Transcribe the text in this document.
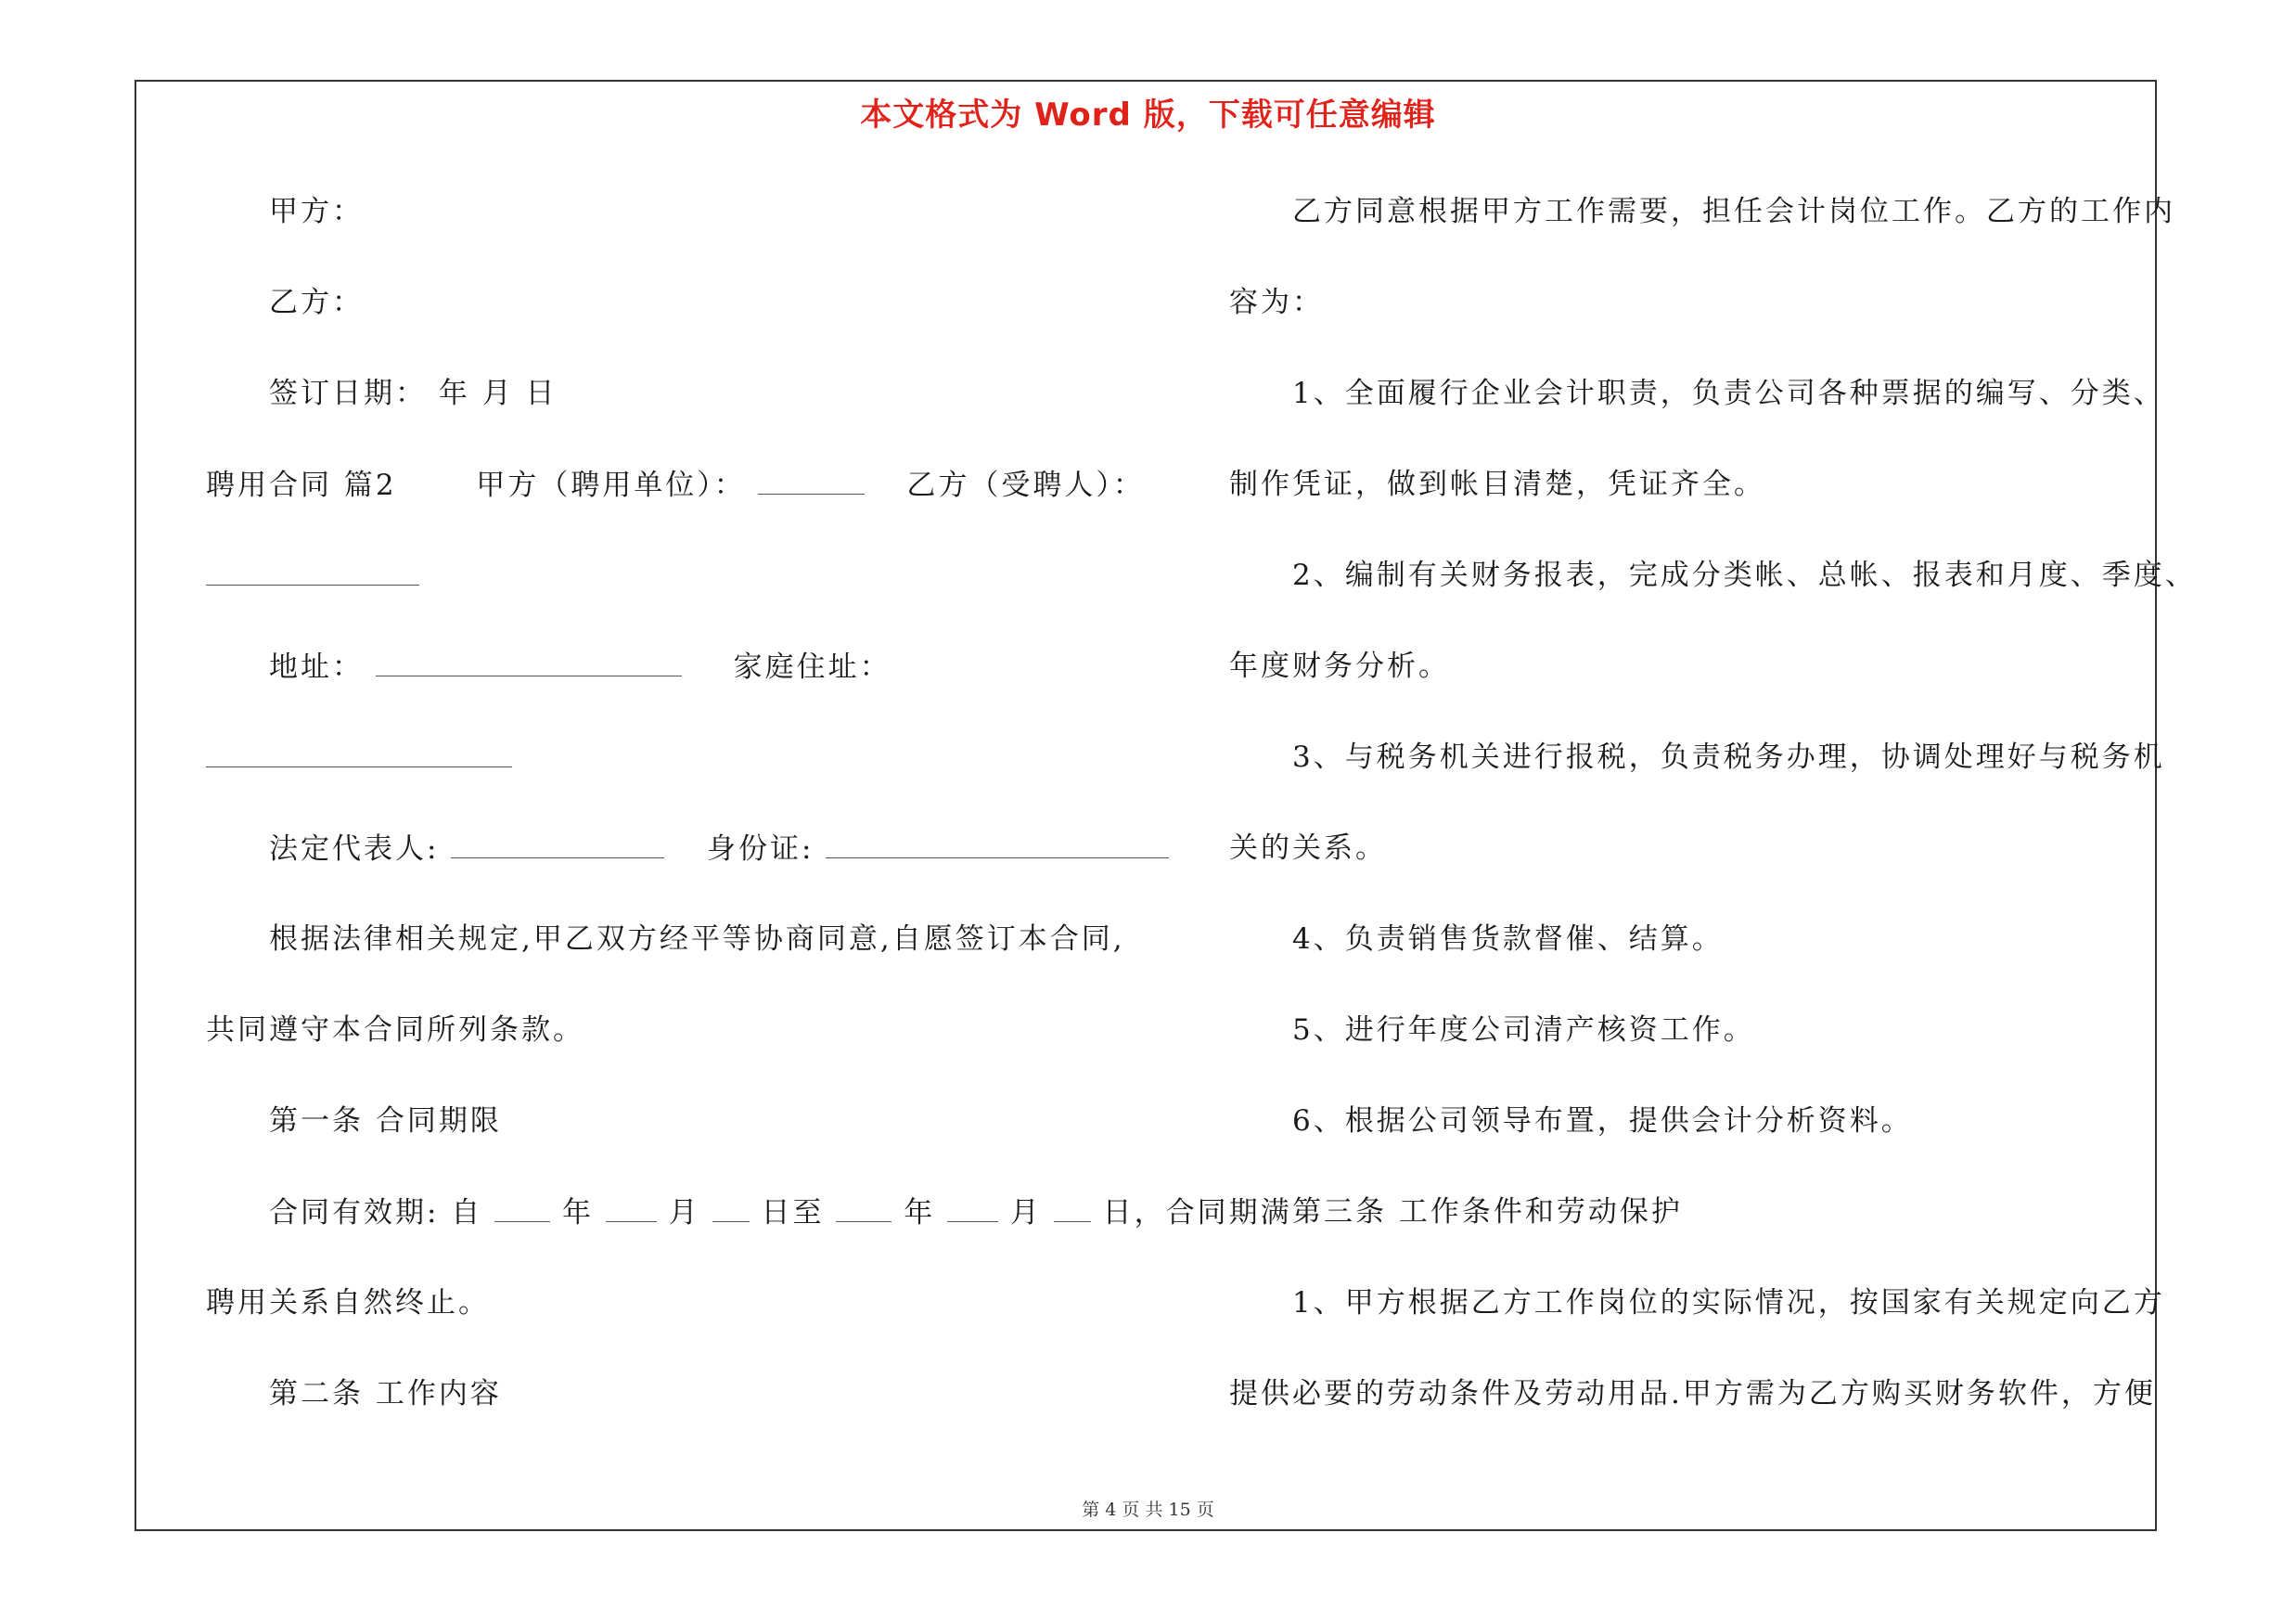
本文格式为 Word 版，下载可任意编辑
甲方：
乙方：
签订日期： 年 月 日
聘用合同 篇2	甲方（聘用单位）：	乙方（受聘人）：
地址：	家庭住址：
法定代表人:	身份证:
根据法律相关规定,甲乙双方经平等协商同意,自愿签订本合同,
共同遵守本合同所列条款。
第一条 合同期限
合同有效期: 自	年	月 日至	年	月 日，合同期满
聘用关系自然终止。
第二条 工作内容
乙方同意根据甲方工作需要，担任会计岗位工作。乙方的工作内
容为：
1、全面履行企业会计职责，负责公司各种票据的编写、分类、
制作凭证，做到帐目清楚，凭证齐全。
2、编制有关财务报表，完成分类帐、总帐、报表和月度、季度、
年度财务分析。
3、与税务机关进行报税，负责税务办理，协调处理好与税务机
关的关系。
4、负责销售货款督催、结算。
5、进行年度公司清产核资工作。
6、根据公司领导布置，提供会计分析资料。
第三条 工作条件和劳动保护
1、甲方根据乙方工作岗位的实际情况，按国家有关规定向乙方
提供必要的劳动条件及劳动用品.甲方需为乙方购买财务软件，方便
第 4 页 共 15 页
